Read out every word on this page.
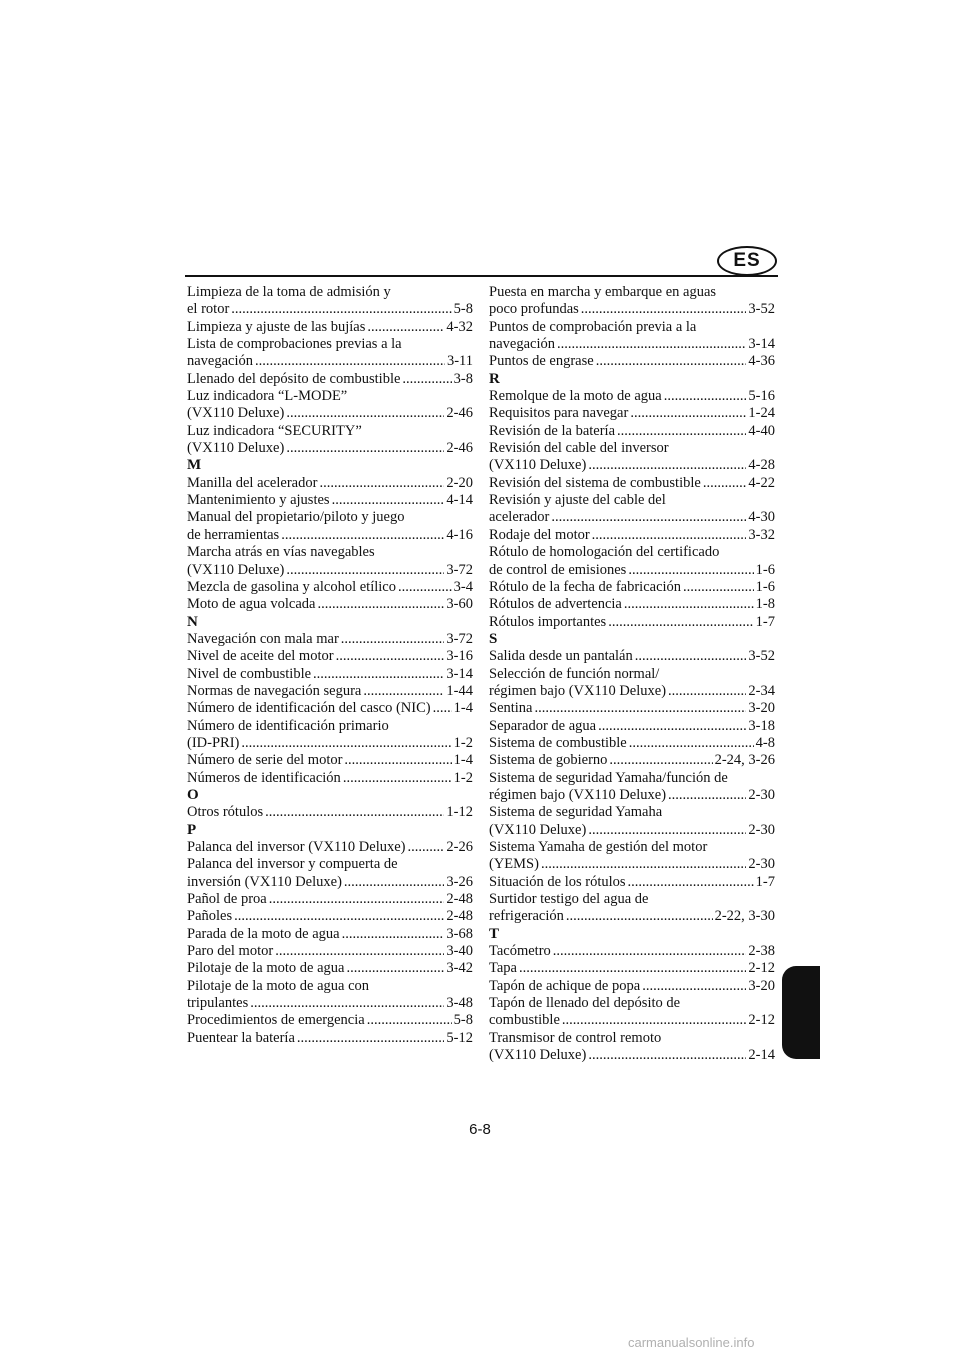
ES
Limpieza de la toma de admisión y
el rotor .....	5-8
Limpieza y ajuste de las bujías .....	4-32
Lista de comprobaciones previas a la
navegación .....	3-11
Llenado del depósito de combustible .....	3-8
Luz indicadora “L-MODE”
(VX110 Deluxe) .....	2-46
Luz indicadora “SECURITY”
(VX110 Deluxe) .....	2-46
M
Manilla del acelerador .....	2-20
Mantenimiento y ajustes .....	4-14
Manual del propietario/piloto y juego
de herramientas .....	4-16
Marcha atrás en vías navegables
(VX110 Deluxe) .....	3-72
Mezcla de gasolina y alcohol etílico .....	3-4
Moto de agua volcada .....	3-60
N
Navegación con mala mar .....	3-72
Nivel de aceite del motor .....	3-16
Nivel de combustible .....	3-14
Normas de navegación segura .....	1-44
Número de identificación del casco (NIC) ..... 1-4
Número de identificación primario
(ID-PRI) .....	1-2
Número de serie del motor .....	1-4
Números de identificación .....	1-2
O
Otros rótulos .....	1-12
P
Palanca del inversor (VX110 Deluxe) .....	2-26
Palanca del inversor y compuerta de
inversión (VX110 Deluxe) .....	3-26
Pañol de proa .....	2-48
Pañoles .....	2-48
Parada de la moto de agua .....	3-68
Paro del motor .....	3-40
Pilotaje de la moto de agua .....	3-42
Pilotaje de la moto de agua con
tripulantes .....	3-48
Procedimientos de emergencia .....	5-8
Puentear la batería .....	5-12
Puesta en marcha y embarque en aguas
poco profundas .....	3-52
Puntos de comprobación previa a la
navegación .....	3-14
Puntos de engrase .....	4-36
R
Remolque de la moto de agua .....	5-16
Requisitos para navegar .....	1-24
Revisión de la batería .....	4-40
Revisión del cable del inversor
(VX110 Deluxe) .....	4-28
Revisión del sistema de combustible .....	4-22
Revisión y ajuste del cable del
acelerador .....	4-30
Rodaje del motor .....	3-32
Rótulo de homologación del certificado
de control de emisiones .....	1-6
Rótulo de la fecha de fabricación .....	1-6
Rótulos de advertencia .....	1-8
Rótulos importantes .....	1-7
S
Salida desde un pantalán .....	3-52
Selección de función normal/
régimen bajo (VX110 Deluxe) .....	2-34
Sentina .....	3-20
Separador de agua .....	3-18
Sistema de combustible .....	4-8
Sistema de gobierno .....	2-24, 3-26
Sistema de seguridad Yamaha/función de
régimen bajo (VX110 Deluxe) .....	2-30
Sistema de seguridad Yamaha
(VX110 Deluxe) .....	2-30
Sistema Yamaha de gestión del motor
(YEMS) .....	2-30
Situación de los rótulos .....	1-7
Surtidor testigo del agua de
refrigeración .....	2-22, 3-30
T
Tacómetro .....	2-38
Tapa .....	2-12
Tapón de achique de popa .....	3-20
Tapón de llenado del depósito de
combustible .....	2-12
Transmisor de control remoto
(VX110 Deluxe) .....	2-14
6-8
carmanualsonline.info
